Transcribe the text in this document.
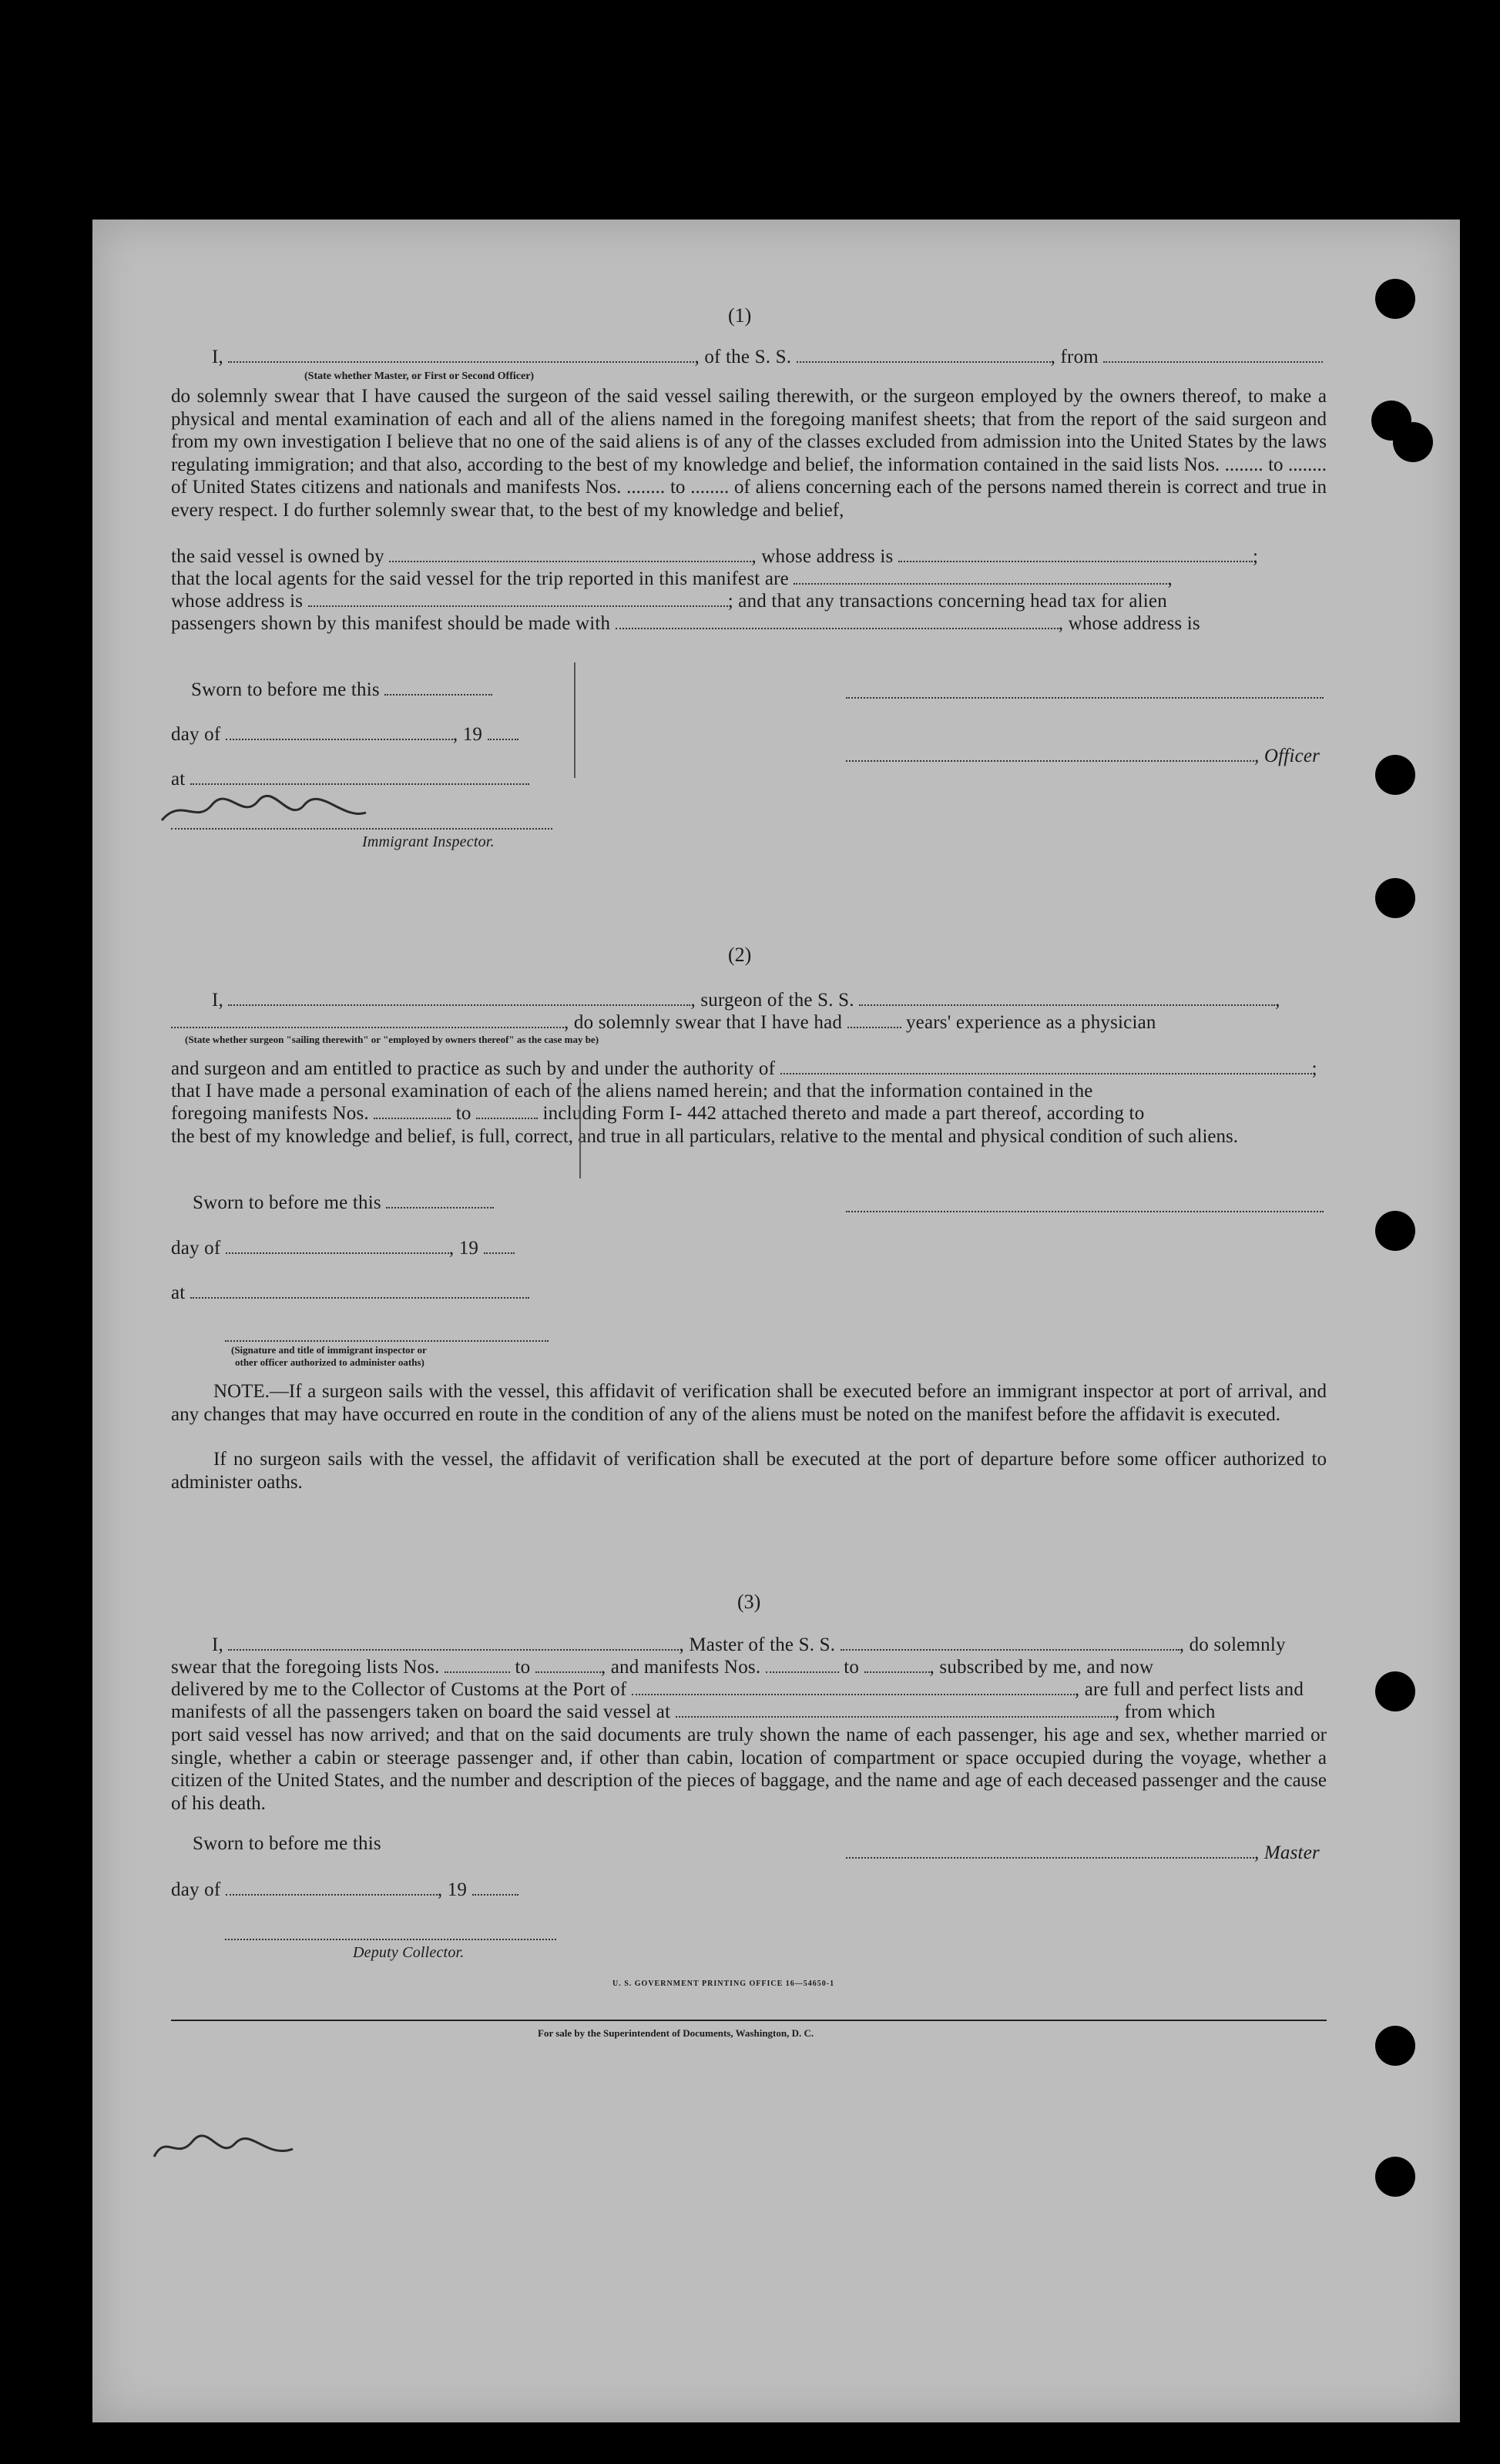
(1)
I,	, of the S. S.	, from
(State whether Master, or First or Second Officer)
do solemnly swear that I have caused the surgeon of the said vessel sailing therewith, or the surgeon employed by the owners thereof, to make a physical and mental examination of each and all of the aliens named in the foregoing manifest sheets; that from the report of the said surgeon and from my own investigation I believe that no one of the said aliens is of any of the classes excluded from admission into the United States by the laws regulating immigration; and that also, according to the best of my knowledge and belief, the information contained in the said lists Nos. ........ to ........ of United States citizens and nationals and manifests Nos. ........ to ........ of aliens concerning each of the persons named therein is correct and true in every respect. I do further solemnly swear that, to the best of my knowledge and belief,
the said vessel is owned by	, whose address is	;
that the local agents for the said vessel for the trip reported in this manifest are	,
whose address is	; and that any transactions concerning head tax for alien
passengers shown by this manifest should be made with	, whose address is
Sworn to before me this
day of	, 19
at
, Officer
Immigrant Inspector.
(2)
I,	, surgeon of the S. S.	,
, do solemnly swear that I have had	years' experience as a physician
(State whether surgeon "sailing therewith" or "employed by owners thereof" as the case may be)
and surgeon and am entitled to practice as such by and under the authority of	;
that I have made a personal examination of each of the aliens named herein; and that the information contained in the
foregoing manifests Nos.	to	including Form I- 442 attached thereto and made a part thereof, according to
the best of my knowledge and belief, is full, correct, and true in all particulars, relative to the mental and physical condition of such aliens.
Sworn to before me this
day of	, 19
at
(Signature and title of immigrant inspector or
other officer authorized to administer oaths)
NOTE.—If a surgeon sails with the vessel, this affidavit of verification shall be executed before an immigrant inspector at port of arrival, and any changes that may have occurred en route in the condition of any of the aliens must be noted on the manifest before the affidavit is executed.
If no surgeon sails with the vessel, the affidavit of verification shall be executed at the port of departure before some officer authorized to administer oaths.
(3)
I,	, Master of the S. S.	, do solemnly
swear that the foregoing lists Nos.	to	, and manifests Nos.	to	, subscribed by me, and now
delivered by me to the Collector of Customs at the Port of	, are full and perfect lists and
manifests of all the passengers taken on board the said vessel at	, from which
port said vessel has now arrived; and that on the said documents are truly shown the name of each passenger, his age and sex, whether married or single, whether a cabin or steerage passenger and, if other than cabin, location of compartment or space occupied during the voyage, whether a citizen of the United States, and the number and description of the pieces of baggage, and the name and age of each deceased passenger and the cause of his death.
Sworn to before me this
day of	, 19
, Master
Deputy Collector.
U. S. GOVERNMENT PRINTING OFFICE 16—54650-1
For sale by the Superintendent of Documents, Washington, D. C.
